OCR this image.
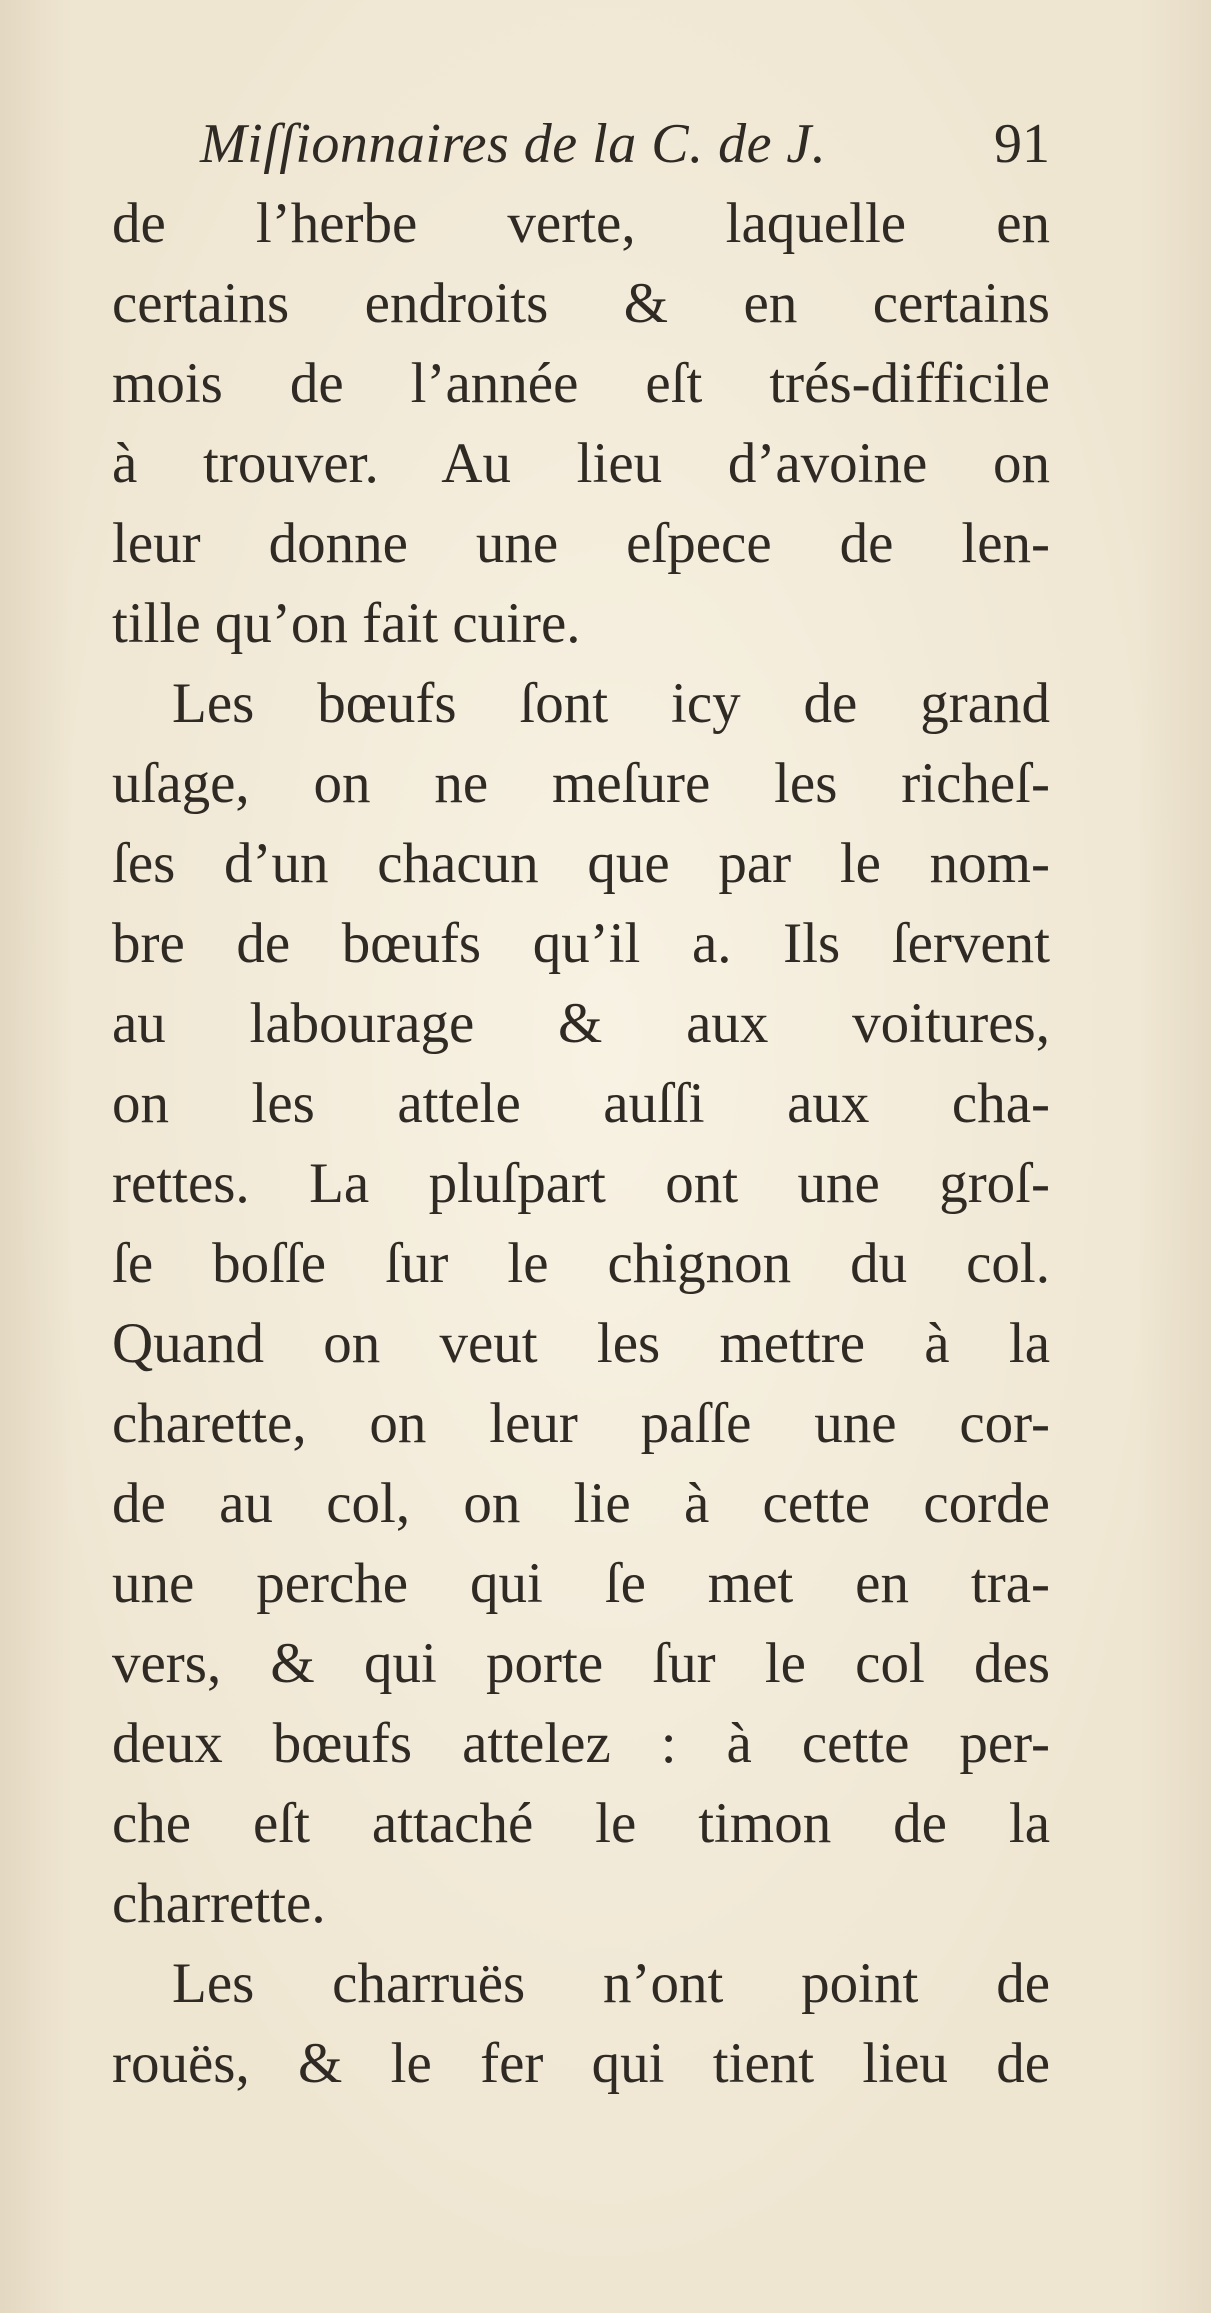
Miſſionnaires de la C. de J.	91
de l’herbe verte, laquelle en
certains endroits & en certains
mois de l’année eſt trés-difficile
à trouver. Au lieu d’avoine on
leur donne une eſpece de len-
tille qu’on fait cuire.
Les bœufs ſont icy de grand
uſage, on ne meſure les richeſ-
ſes d’un chacun que par le nom-
bre de bœufs qu’il a. Ils ſervent
au labourage & aux voitures,
on les attele auſſi aux cha-
rettes. La pluſpart ont une groſ-
ſe boſſe ſur le chignon du col.
Quand on veut les mettre à la
charette, on leur paſſe une cor-
de au col, on lie à cette corde
une perche qui ſe met en tra-
vers, & qui porte ſur le col des
deux bœufs attelez : à cette per-
che eſt attaché le timon de la
charrette.
Les charruës n’ont point de
rouës, & le fer qui tient lieu de
